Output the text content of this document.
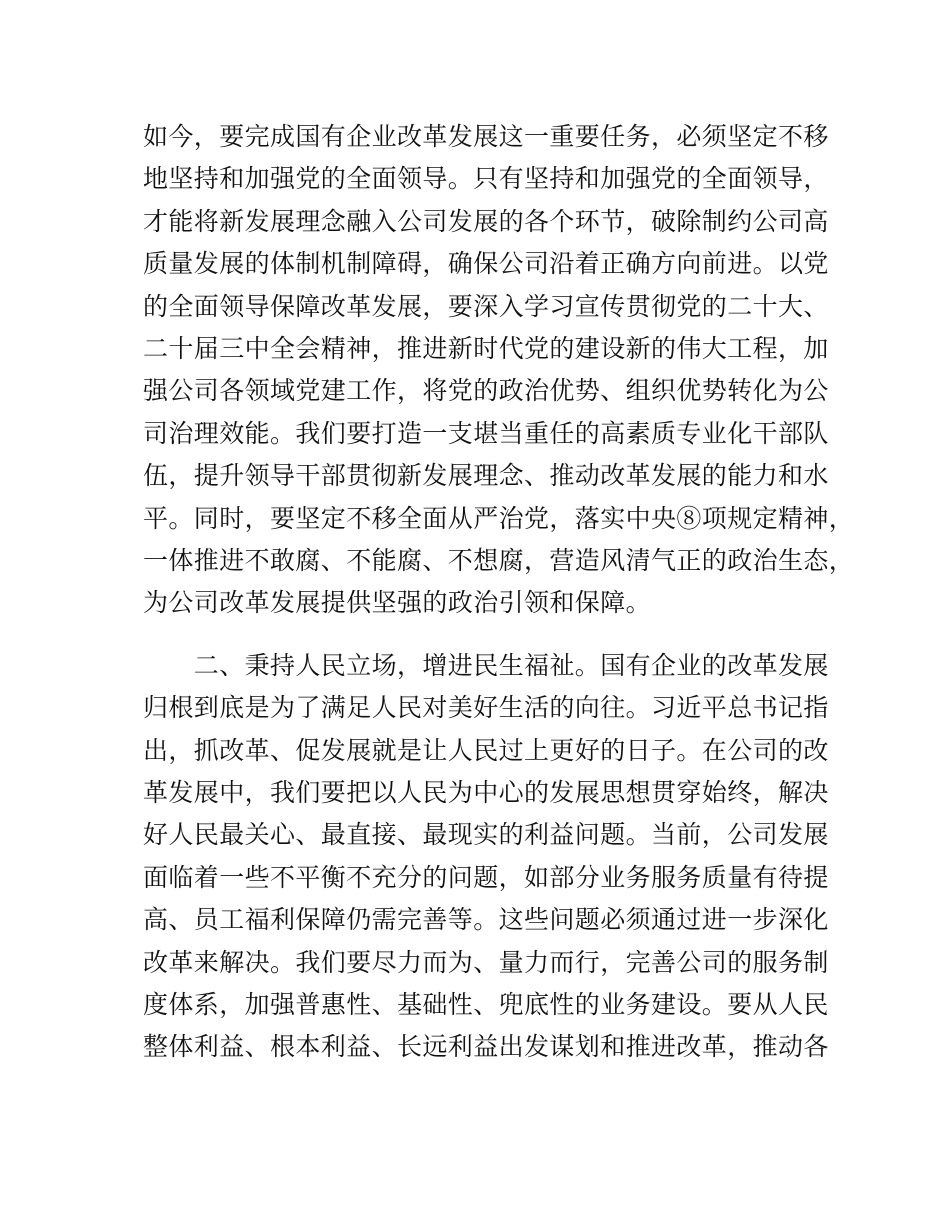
如今，要完成国有企业改革发展这一重要任务，必须坚定不移
地坚持和加强党的全面领导。只有坚持和加强党的全面领导，
才能将新发展理念融入公司发展的各个环节，破除制约公司高
质量发展的体制机制障碍，确保公司沿着正确方向前进。以党
的全面领导保障改革发展，要深入学习宣传贯彻党的二十大、
二十届三中全会精神，推进新时代党的建设新的伟大工程，加
强公司各领域党建工作，将党的政治优势、组织优势转化为公
司治理效能。我们要打造一支堪当重任的高素质专业化干部队
伍，提升领导干部贯彻新发展理念、推动改革发展的能力和水
平。同时，要坚定不移全面从严治党，落实中央⑧项规定精神，
一体推进不敢腐、不能腐、不想腐，营造风清气正的政治生态，
为公司改革发展提供坚强的政治引领和保障。
　　二、秉持人民立场，增进民生福祉。国有企业的改革发展
归根到底是为了满足人民对美好生活的向往。习近平总书记指
出，抓改革、促发展就是让人民过上更好的日子。在公司的改
革发展中，我们要把以人民为中心的发展思想贯穿始终，解决
好人民最关心、最直接、最现实的利益问题。当前，公司发展
面临着一些不平衡不充分的问题，如部分业务服务质量有待提
高、员工福利保障仍需完善等。这些问题必须通过进一步深化
改革来解决。我们要尽力而为、量力而行，完善公司的服务制
度体系，加强普惠性、基础性、兜底性的业务建设。要从人民
整体利益、根本利益、长远利益出发谋划和推进改革，推动各
